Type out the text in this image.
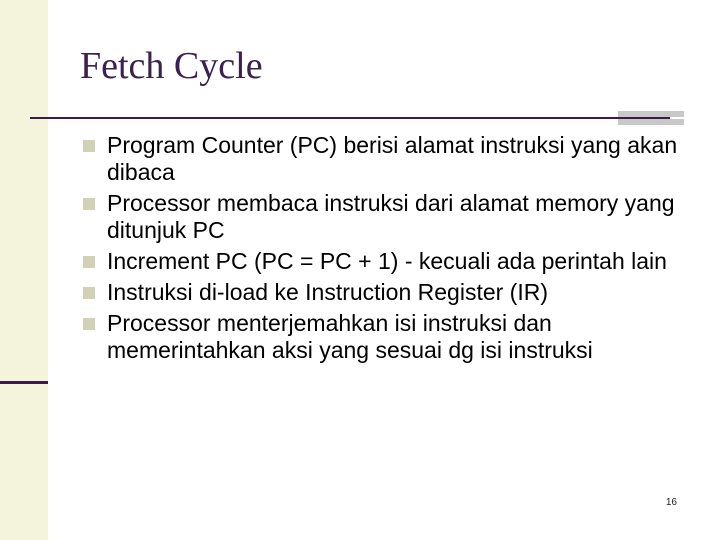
Fetch Cycle
Program Counter (PC) berisi alamat instruksi yang akan dibaca
Processor membaca instruksi dari alamat memory yang ditunjuk PC
Increment PC (PC = PC + 1) - kecuali ada perintah lain
Instruksi di-load ke Instruction Register (IR)
Processor menterjemahkan isi instruksi dan memerintahkan aksi yang sesuai dg isi instruksi
16
